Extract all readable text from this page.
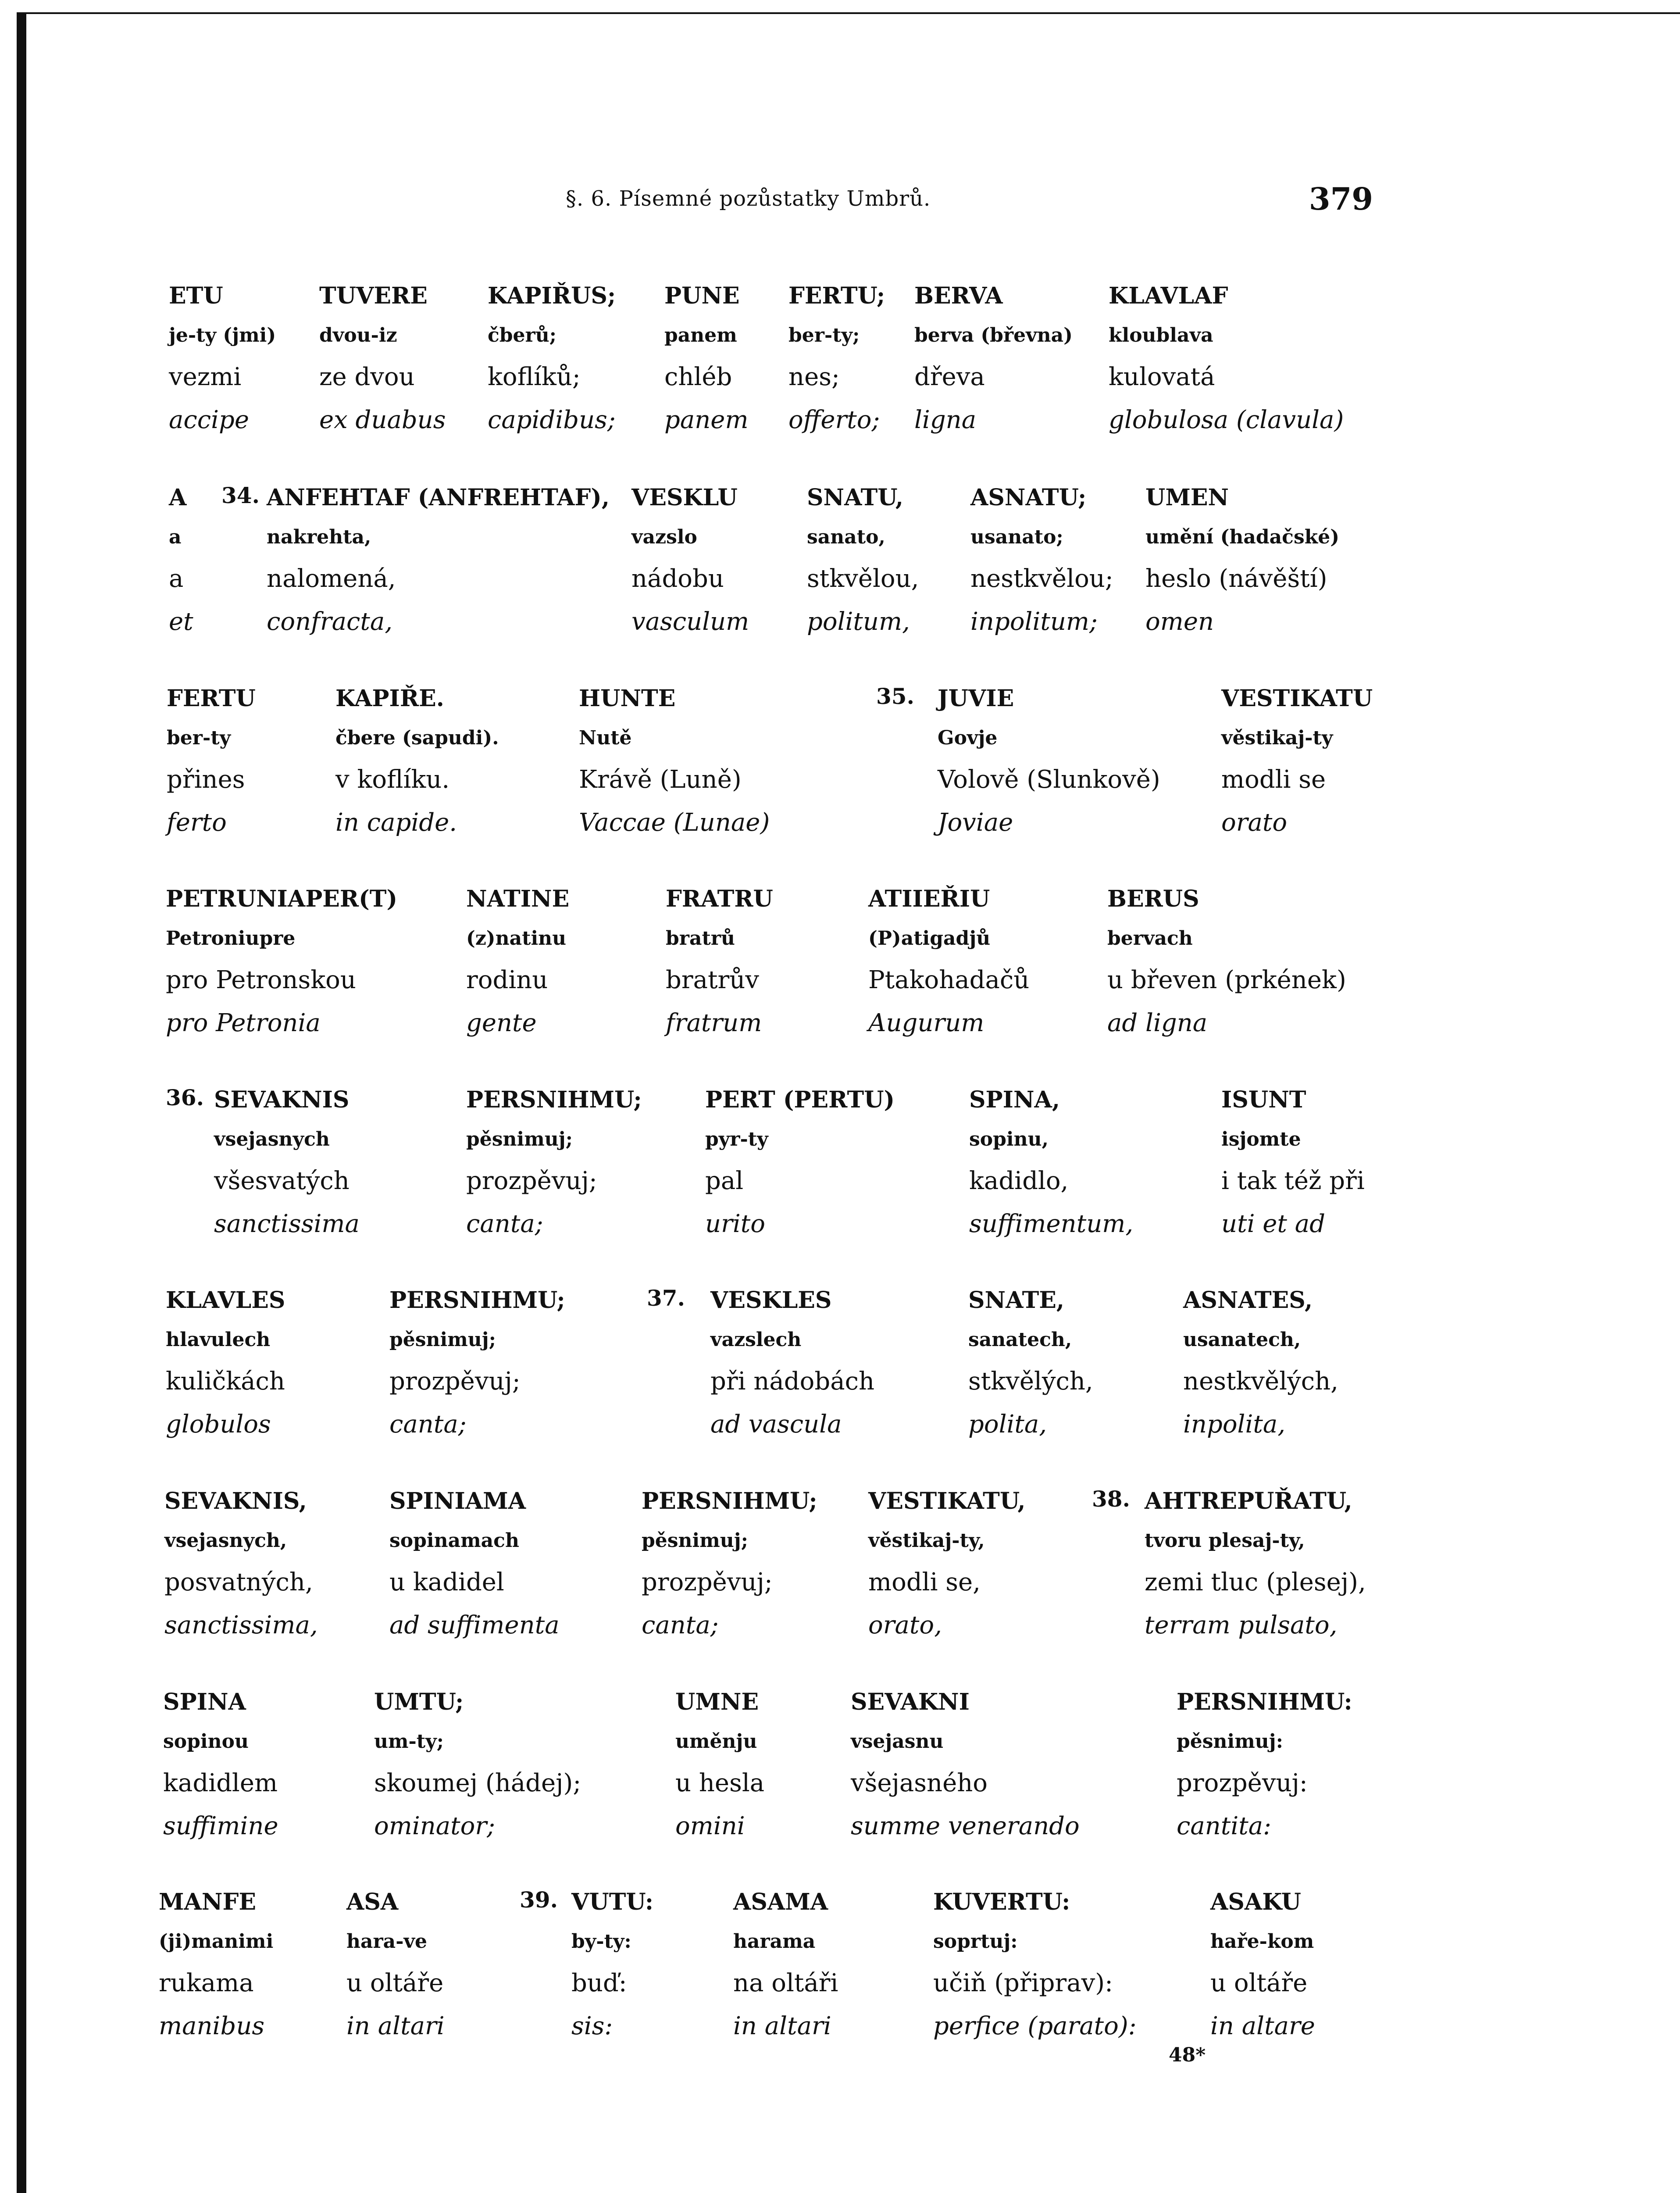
§. 6. Písemné pozůstatky Umbrů.	379
ETU
je-ty (jmi)
vezmi
accipe
TUVERE
dvou-iz
ze dvou
ex duabus
KAPIŘUS;
čberů;
koflíků;
capidibus;
PUNE
panem
chléb
panem
FERTU;
ber-ty;
nes;
offerto;
BERVA
berva (břevna)
dřeva
ligna
KLAVLAF
kloublava
kulovatá
globulosa (clavula)
34.
A
a
a
et
ANFEHTAF (ANFREHTAF),
nakrehta,
nalomená,
confracta,
VESKLU
vazslo
nádobu
vasculum
SNATU,
sanato,
stkvělou,
politum,
ASNATU;
usanato;
nestkvělou;
inpolitum;
UMEN
umění (hadačské)
heslo (návěští)
omen
35.
FERTU
ber-ty
přines
ferto
KAPIŘE.
čbere (sapudi).
v koflíku.
in capide.
HUNTE
Nutě
Krávě (Luně)
Vaccae (Lunae)
JUVIE
Govje
Volově (Slunkově)
Joviae
VESTIKATU
věstikaj-ty
modli se
orato
PETRUNIAPER(T)
Petroniupre
pro Petronskou
pro Petronia
NATINE
(z)natinu
rodinu
gente
FRATRU
bratrů
bratrův
fratrum
ATIIEŘIU
(P)atigadjů
Ptakohadačů
Augurum
BERUS
bervach
u břeven (prkének)
ad ligna
36. SEVAKNIS
vsejasnych
všesvatých
sanctissima
PERSNIHMU;
pěsnimuj;
prozpěvuj;
canta;
PERT (PERTU)
pyr-ty
pal
urito
SPINA,
sopinu,
kadidlo,
suffimentum,
ISUNT
isjomte
i tak též při
uti et ad
37.
KLAVLES
hlavulech
kuličkách
globulos
PERSNIHMU;
pěsnimuj;
prozpěvuj;
canta;
VESKLES
vazslech
při nádobách
ad vascula
SNATE,
sanatech,
stkvělých,
polita,
ASNATES,
usanatech,
nestkvělých,
inpolita,
38.
SEVAKNIS,
vsejasnych,
posvatných,
sanctissima,
SPINIAMA
sopinamach
u kadidel
ad suffimenta
PERSNIHMU;
pěsnimuj;
prozpěvuj;
canta;
VESTIKATU,
věstikaj-ty,
modli se,
orato,
AHTREPUŘATU,
tvoru plesaj-ty,
zemi tluc (plesej),
terram pulsato,
SPINA
sopinou
kadidlem
suffimine
UMTU;
um-ty;
skoumej (hádej);
ominator;
UMNE
uměnju
u hesla
omini
SEVAKNI
vsejasnu
všejasného
summe venerando
PERSNIHMU:
pěsnimuj:
prozpěvuj:
cantita:
39.
MANFE
(ji)manimi
rukama
manibus
ASA
hara-ve
u oltáře
in altari
VUTU:
by-ty:
buď:
sis:
ASAMA
harama
na oltáři
in altari
KUVERTU:
soprtuj:
učiň (připrav):
perfice (parato):
ASAKU
haře-kom
u oltáře
in altare
48*
